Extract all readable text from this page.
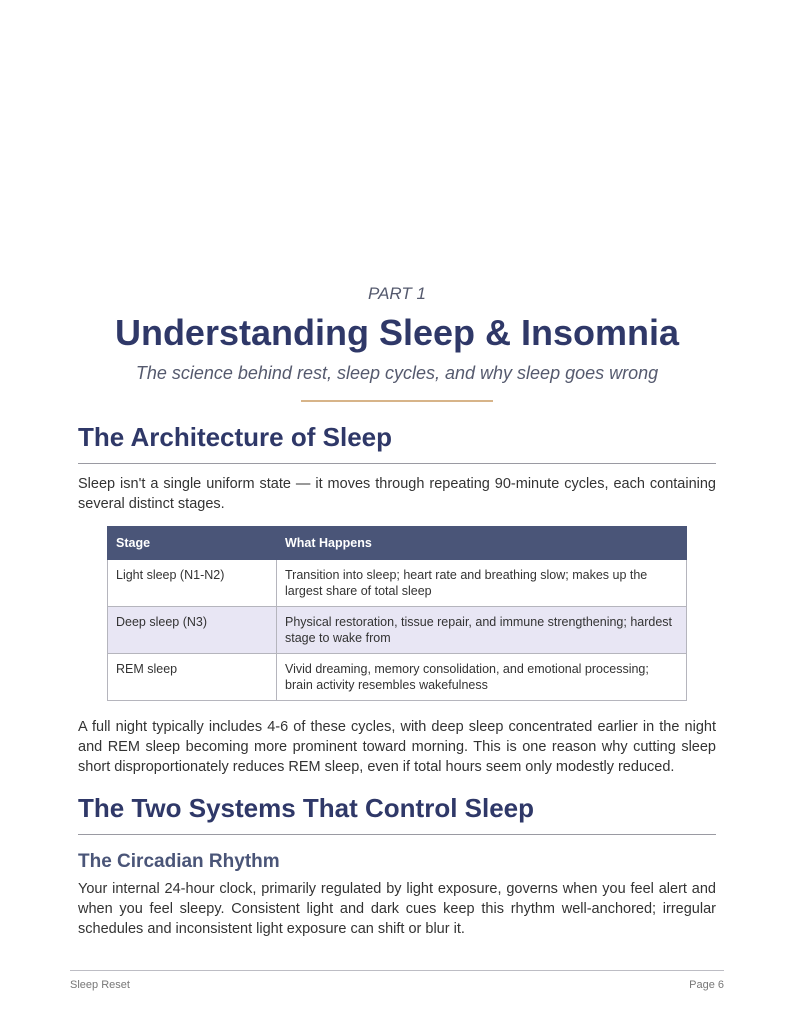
PART 1
Understanding Sleep & Insomnia
The science behind rest, sleep cycles, and why sleep goes wrong
The Architecture of Sleep

Sleep isn't a single uniform state — it moves through repeating 90-minute cycles, each containing several distinct stages.

Stage	What Happens
Light sleep (N1-N2)	Transition into sleep; heart rate and breathing slow; makes up the largest share of total sleep
Deep sleep (N3)	Physical restoration, tissue repair, and immune strengthening; hardest stage to wake from
REM sleep	Vivid dreaming, memory consolidation, and emotional processing; brain activity resembles wakefulness

A full night typically includes 4-6 of these cycles, with deep sleep concentrated earlier in the night and REM sleep becoming more prominent toward morning. This is one reason why cutting sleep short disproportionately reduces REM sleep, even if total hours seem only modestly reduced.

The Two Systems That Control Sleep
The Circadian Rhythm

Your internal 24-hour clock, primarily regulated by light exposure, governs when you feel alert and when you feel sleepy. Consistent light and dark cues keep this rhythm well-anchored; irregular schedules and inconsistent light exposure can shift or blur it.

Sleep Reset	Page 6
